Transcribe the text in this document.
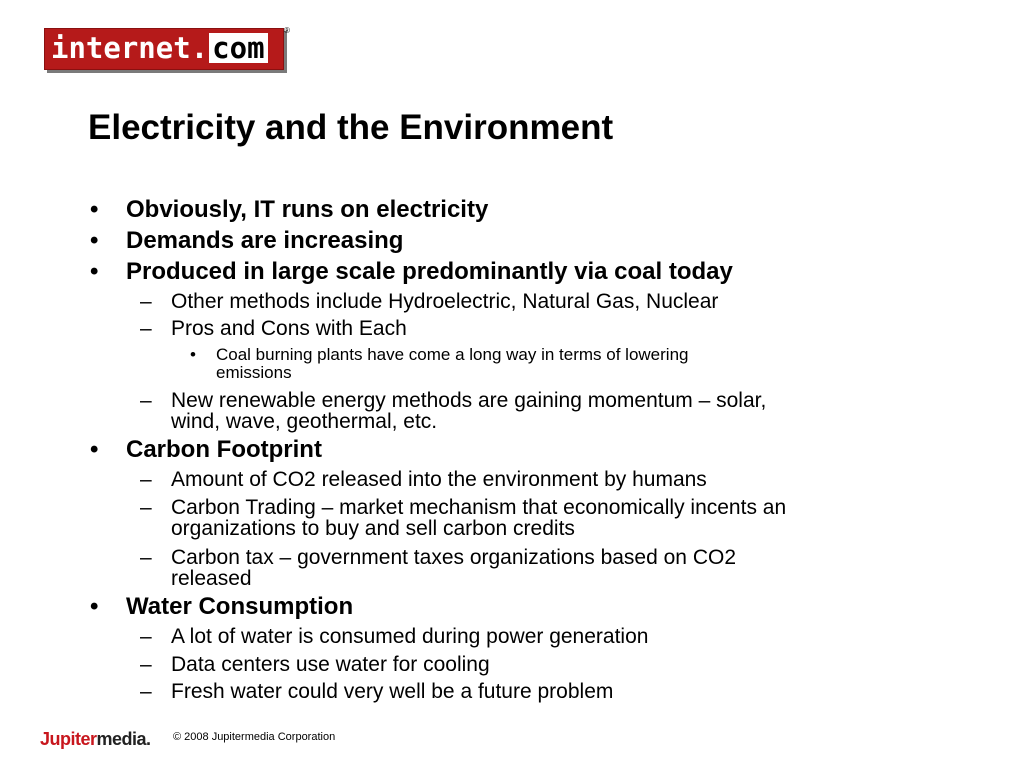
internet. com
®
Electricity and the Environment
• Obviously, IT runs on electricity
• Demands are increasing
• Produced in large scale predominantly via coal today
– Other methods include Hydroelectric, Natural Gas, Nuclear
– Pros and Cons with Each
• Coal burning plants have come a long way in terms of lowering
emissions
– New renewable energy methods are gaining momentum – solar,
wind, wave, geothermal, etc.
• Carbon Footprint
– Amount of CO2 released into the environment by humans
– Carbon Trading – market mechanism that economically incents an
organizations to buy and sell carbon credits
– Carbon tax – government taxes organizations based on CO2
released
• Water Consumption
– A lot of water is consumed during power generation
– Data centers use water for cooling
– Fresh water could very well be a future problem
Jupitermedia. © 2008 Jupitermedia Corporation
